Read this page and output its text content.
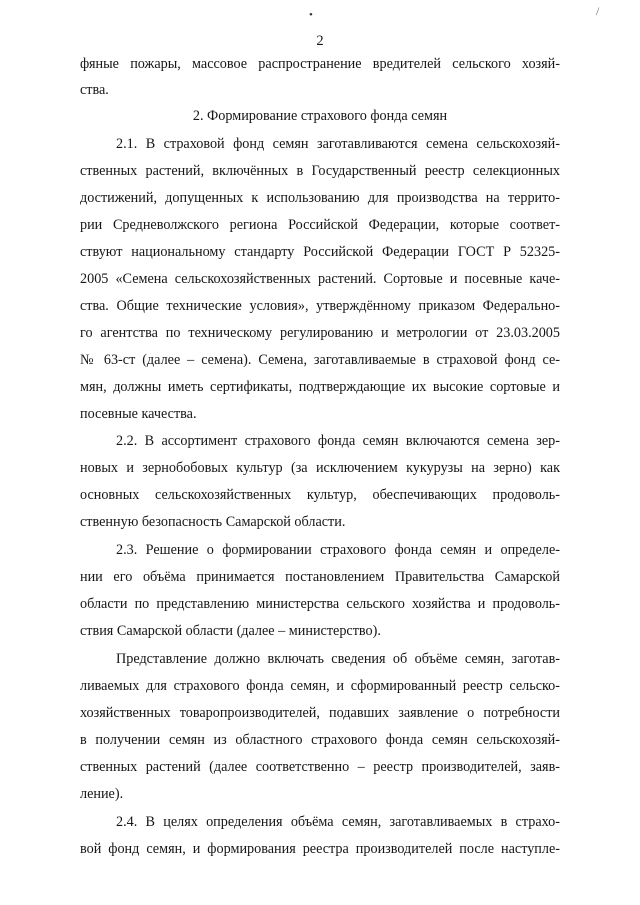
•	/
2
фяные пожары, массовое распространение вредителей сельского хозяй-
ства.
2. Формирование страхового фонда семян
2.1. В страховой фонд семян заготавливаются семена сельскохозяй-
ственных растений, включённых в Государственный реестр селекционных
достижений, допущенных к использованию для производства на террито-
рии Средневолжского региона Российской Федерации, которые соответ-
ствуют национальному стандарту Российской Федерации ГОСТ Р 52325-
2005 «Семена сельскохозяйственных растений. Сортовые и посевные каче-
ства. Общие технические условия», утверждённому приказом Федерально-
го агентства по техническому регулированию и метрологии от 23.03.2005
№ 63-ст (далее – семена). Семена, заготавливаемые в страховой фонд се-
мян, должны иметь сертификаты, подтверждающие их высокие сортовые и
посевные качества.
2.2. В ассортимент страхового фонда семян включаются семена зер-
новых и зернобобовых культур (за исключением кукурузы на зерно) как
основных сельскохозяйственных культур, обеспечивающих продоволь-
ственную безопасность Самарской области.
2.3. Решение о формировании страхового фонда семян и определе-
нии его объёма принимается постановлением Правительства Самарской
области по представлению министерства сельского хозяйства и продоволь-
ствия Самарской области (далее – министерство).
Представление должно включать сведения об объёме семян, заготав-
ливаемых для страхового фонда семян, и сформированный реестр сельско-
хозяйственных товаропроизводителей, подавших заявление о потребности
в получении семян из областного страхового фонда семян сельскохозяй-
ственных растений (далее соответственно – реестр производителей, заяв-
ление).
2.4. В целях определения объёма семян, заготавливаемых в страхо-
вой фонд семян, и формирования реестра производителей после наступле-
